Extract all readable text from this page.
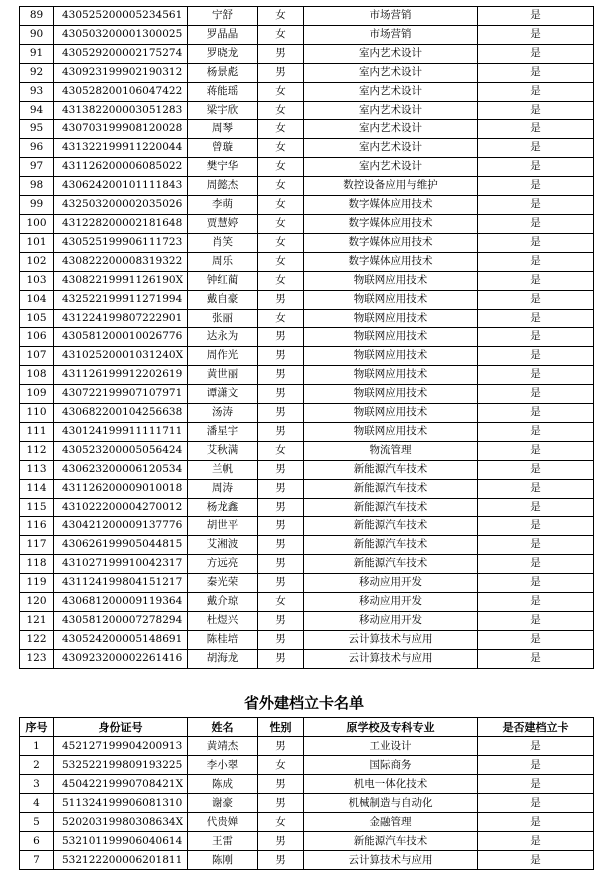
89	430525200005234561	宁舒	女	市场营销	是
90	430503200001300025	罗晶晶	女	市场营销	是
91	430529200002175274	罗晓龙	男	室内艺术设计	是
92	430923199902190312	杨景彪	男	室内艺术设计	是
93	430528200106047422	蒋能瑶	女	室内艺术设计	是
94	431382200003051283	梁宇欣	女	室内艺术设计	是
95	430703199908120028	周琴	女	室内艺术设计	是
96	431322199911220044	曾璇	女	室内艺术设计	是
97	431126200006085022	樊宁华	女	室内艺术设计	是
98	430624200101111843	周懿杰	女	数控设备应用与维护	是
99	432503200002035026	李萌	女	数字媒体应用技术	是
100	431228200002181648	贾慧婷	女	数字媒体应用技术	是
101	430525199906111723	肖笑	女	数字媒体应用技术	是
102	430822200008319322	周乐	女	数字媒体应用技术	是
103	43082219991126190X	钟红蔺	女	物联网应用技术	是
104	432522199911271994	戴自豪	男	物联网应用技术	是
105	431224199807222901	张丽	女	物联网应用技术	是
106	430581200010026776	达永为	男	物联网应用技术	是
107	43102520001031240X	周作光	男	物联网应用技术	是
108	431126199912202619	黄世丽	男	物联网应用技术	是
109	430722199907107971	谭潇文	男	物联网应用技术	是
110	430682200104256638	汤涛	男	物联网应用技术	是
111	430124199911111711	潘星宇	男	物联网应用技术	是
112	430523200005056424	艾秋满	女	物流管理	是
113	430623200006120534	兰帆	男	新能源汽车技术	是
114	431126200009010018	周涛	男	新能源汽车技术	是
115	431022200004270012	杨龙鑫	男	新能源汽车技术	是
116	430421200009137776	胡世平	男	新能源汽车技术	是
117	430626199905044815	艾湘波	男	新能源汽车技术	是
118	431027199910042317	方远亮	男	新能源汽车技术	是
119	431124199804151217	秦光荣	男	移动应用开发	是
120	430681200009119364	戴介琼	女	移动应用开发	是
121	430581200007278294	杜煜兴	男	移动应用开发	是
122	430524200005148691	陈桂培	男	云计算技术与应用	是
123	430923200002261416	胡海龙	男	云计算技术与应用	是
省外建档立卡名单
序号	身份证号	姓名	性别	原学校及专科专业	是否建档立卡
1	452127199904200913	黄靖杰	男	工业设计	是
2	532522199809193225	李小翠	女	国际商务	是
3	45042219990708421X	陈成	男	机电一体化技术	是
4	511324199906081310	谢豪	男	机械制造与自动化	是
5	52020319980308634X	代贵婵	女	金融管理	是
6	532101199906040614	王雷	男	新能源汽车技术	是
7	532122200006201811	陈刚	男	云计算技术与应用	是
